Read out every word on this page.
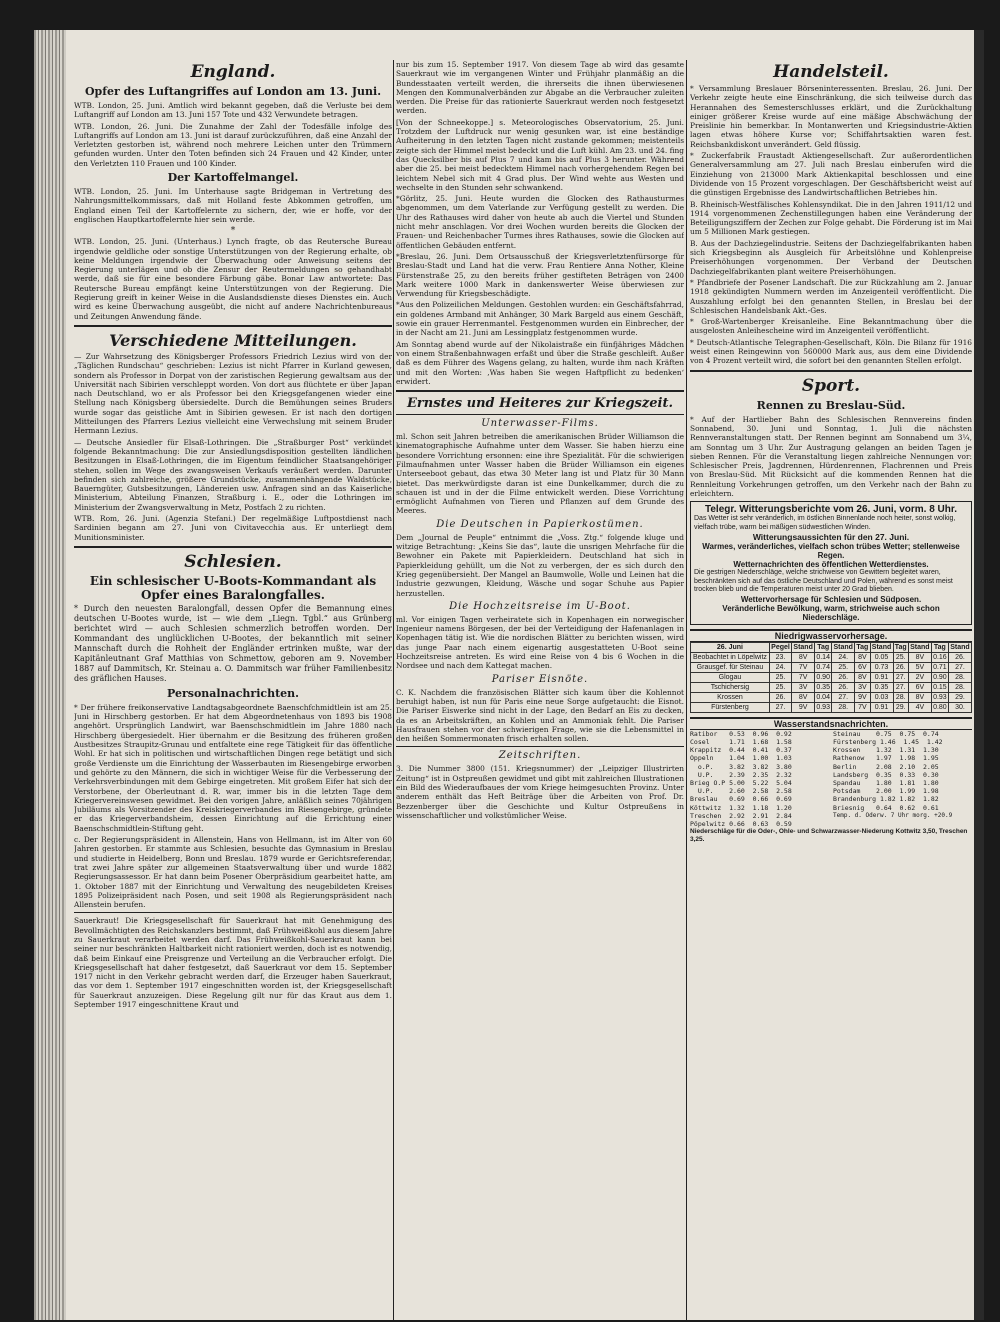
England.
Opfer des Luftangriffes auf London am 13. Juni.

WTB. London, 25. Juni. Amtlich wird bekannt gegeben, daß die Verluste bei dem Luftangriff auf London am 13. Juni 157 Tote und 432 Verwundete betragen.

WTB. London, 26. Juni. Die Zunahme der Zahl der Todesfälle infolge des Luftangriffs auf London am 13. Juni ist darauf zurückzuführen, daß eine Anzahl der Verletzten gestorben ist, während noch mehrere Leichen unter den Trümmern gefunden wurden. Unter den Toten befinden sich 24 Frauen und 42 Kinder, unter den Verletzten 110 Frauen und 100 Kinder.

Der Kartoffelmangel.

WTB. London, 25. Juni. Im Unterhause sagte Bridgeman in Vertretung des Nahrungsmittelkommissars, daß mit Holland feste Abkommen getroffen, um England einen Teil der Kartoffelernte zu sichern, der, wie er hoffe, vor der englischen Hauptkartoffelernte hier sein werde.

*

WTB. London, 25. Juni. (Unterhaus.) Lynch fragte, ob das Reutersche Bureau irgendwie geldliche oder sonstige Unterstützungen von der Regierung erhalte, ob keine Meldungen irgendwie der Überwachung oder Anweisung seitens der Regierung unterlägen und ob die Zensur der Reutermeldungen so gehandhabt werde, daß sie für eine besondere Färbung gäbe. Bonar Law antwortete: Das Reutersche Bureau empfängt keine Unterstützungen von der Regierung. Die Regierung greift in keiner Weise in die Auslandsdienste dieses Dienstes ein. Auch wird es keine Überwachung ausgeübt, die nicht auf andere Nachrichtenbureaus und Zeitungen Anwendung fände.

Verschiedene Mitteilungen.

— Zur Wahrsetzung des Königsberger Professors Friedrich Lezius wird von der „Täglichen Rundschau“ geschrieben: Lezius ist nicht Pfarrer in Kurland gewesen, sondern als Professor in Dorpat von der zaristischen Regierung gewaltsam aus der Universität nach Sibirien verschleppt worden. Von dort aus flüchtete er über Japan nach Deutschland, wo er als Professor bei den Kriegsgefangenen wieder eine Stellung nach Königsberg übersiedelte. Durch die Bemühungen seines Bruders wurde sogar das geistliche Amt in Sibirien gewesen. Er ist nach den dortigen Mitteilungen des Pfarrers Lezius vielleicht eine Verwechslung mit seinem Bruder Hermann Lezius.

— Deutsche Ansiedler für Elsaß-Lothringen. Die „Straßburger Post“ verkündet folgende Bekanntmachung: Die zur Ansiedlungsdisposition gestellten ländlichen Besitzungen in Elsaß-Lothringen, die im Eigentum feindlicher Staatsangehöriger stehen, sollen im Wege des zwangsweisen Verkaufs veräußert werden. Darunter befinden sich zahlreiche, größere Grundstücke, zusammenhängende Waldstücke, Bauerngüter, Gutsbesitzungen, Ländereien usw. Anfragen sind an das Kaiserliche Ministerium, Abteilung Finanzen, Straßburg i. E., oder die Lothringen im Ministerium der Zwangsverwaltung in Metz, Postfach 2 zu richten.

WTB. Rom, 26. Juni. (Agenzia Stefani.) Der regelmäßige Luftpostdienst nach Sardinien begann am 27. Juni von Civitavecchia aus. Er unterliegt dem Munitionsminister.

Schlesien.
Ein schlesischer U-Boots-Kommandant als Opfer eines Baralongfalles.

* Durch den neuesten Baralongfall, dessen Opfer die Bemannung eines deutschen U-Bootes wurde, ist — wie dem „Liegn. Tgbl.“ aus Grünberg berichtet wird — auch Schlesien schmerzlich betroffen worden. Der Kommandant des unglücklichen U-Bootes, der bekanntlich mit seiner Mannschaft durch die Rohheit der Engländer ertrinken mußte, war der Kapitänleutnant Graf Matthias von Schmettow, geboren am 9. November 1887 auf Dammitsch, Kr. Steinau a. O. Dammitsch war früher Familienbesitz des gräflichen Hauses.

Personalnachrichten.

* Der frühere freikonservative Landtagsabgeordnete Baenschfchmidtlein ist am 25. Juni in Hirschberg gestorben. Er hat dem Abgeordnetenhaus von 1893 bis 1908 angehört. Ursprünglich Landwirt, war Baenschschmidtlein im Jahre 1880 nach Hirschberg übergesiedelt. Hier übernahm er die Besitzung des früheren großen Austbesitzes Straupitz-Grunau und entfaltete eine rege Tätigkeit für das öffentliche Wohl. Er hat sich in politischen und wirtschaftlichen Dingen rege betätigt und sich große Verdienste um die Einrichtung der Wasserbauten im Riesengebirge erworben und gehörte zu den Männern, die sich in wichtiger Weise für die Verbesserung der Verkehrsverbindungen mit dem Gebirge eingetreten. Mit großem Eifer hat sich der Verstorbene, der Oberleutnant d. R. war, immer bis in die letzten Tage dem Kriegervereinswesen gewidmet. Bei den vorigen Jahre, anläßlich seines 70jährigen Jubiläums als Vorsitzender des Kreiskriegerverbandes im Riesengebirge, gründete er das Kriegerverbandsheim, dessen Einrichtung auf die Errichtung einer Baenschschmidtlein-Stiftung geht.

c. Der Regierungspräsident in Allenstein, Hans von Hellmann, ist im Alter von 60 Jahren gestorben. Er stammte aus Schlesien, besuchte das Gymnasium in Breslau und studierte in Heidelberg, Bonn und Breslau. 1879 wurde er Gerichtsreferendar, trat zwei Jahre später zur allgemeinen Staatsverwaltung über und wurde 1882 Regierungsassessor. Er hat dann beim Posener Oberpräsidium gearbeitet hatte, am 1. Oktober 1887 mit der Einrichtung und Verwaltung des neugebildeten Kreises 1895 Polizeipräsident nach Posen, und seit 1908 als Regierungspräsident nach Allenstein berufen.

Sauerkraut! Die Kriegsgesellschaft für Sauerkraut hat mit Genehmigung des Bevollmächtigten des Reichskanzlers bestimmt, daß Frühweißkohl aus diesem Jahre zu Sauerkraut verarbeitet werden darf. Das Frühweißkohl-Sauerkraut kann bei seiner nur beschränkten Haltbarkeit nicht rationiert werden, doch ist es notwendig, daß beim Einkauf eine Preisgrenze und Verteilung an die Verbraucher erfolgt. Die Kriegsgesellschaft hat daher festgesetzt, daß Sauerkraut vor dem 15. September 1917 nicht in den Verkehr gebracht werden darf, die Erzeuger haben Sauerkraut, das vor dem 1. September 1917 eingeschnitten worden ist, der Kriegsgesellschaft für Sauerkraut anzuzeigen. Diese Regelung gilt nur für das Kraut aus dem 1. September 1917 eingeschnittene Kraut und

nur bis zum 15. September 1917. Von diesem Tage ab wird das gesamte Sauerkraut wie im vergangenen Winter und Frühjahr planmäßig an die Bundesstaaten verteilt werden, die ihrerseits die ihnen überwiesenen Mengen den Kommunalverbänden zur Abgabe an die Verbraucher zuleiten werden. Die Preise für das rationierte Sauerkraut werden noch festgesetzt werden.

[Von der Schneekoppe.] s. Meteorologisches Observatorium, 25. Juni. Trotzdem der Luftdruck nur wenig gesunken war, ist eine beständige Aufheiterung in den letzten Tagen nicht zustande gekommen; meistenteils zeigte sich der Himmel meist bedeckt und die Luft kühl. Am 23. und 24. fing das Quecksilber bis auf Plus 7 und kam bis auf Plus 3 herunter. Während aber die 25. bei meist bedecktem Himmel nach vorhergehendem Regen bei leichtem Nebel sich mit 4 Grad plus. Der Wind wehte aus Westen und wechselte in den Stunden sehr schwankend.

*Görlitz, 25. Juni. Heute wurden die Glocken des Rathausturmes abgenommen, um dem Vaterlande zur Verfügung gestellt zu werden. Die Uhr des Rathauses wird daher von heute ab auch die Viertel und Stunden nicht mehr anschlagen. Vor drei Wochen wurden bereits die Glocken der Frauen- und Reichenbacher Turmes ihres Rathauses, sowie die Glocken auf öffentlichen Gebäuden entfernt.

*Breslau, 26. Juni. Dem Ortsausschuß der Kriegsverletztenfürsorge für Breslau-Stadt und Land hat die verw. Frau Rentiere Anna Nother, Kleine Fürstenstraße 25, zu den bereits früher gestifteten Beträgen von 2400 Mark weitere 1000 Mark in dankenswerter Weise überwiesen zur Verwendung für Kriegsbeschädigte.

*Aus den Polizeilichen Meldungen. Gestohlen wurden: ein Geschäftsfahrrad, ein goldenes Armband mit Anhänger, 30 Mark Bargeld aus einem Geschäft, sowie ein grauer Herrenmantel. Festgenommen wurden ein Einbrecher, der in der Nacht am 21. Juni am Lessingplatz festgenommen wurde.

Am Sonntag abend wurde auf der Nikolaistraße ein fünfjähriges Mädchen von einem Straßenbahnwagen erfaßt und über die Straße geschleift. Außer daß es dem Führer des Wagens gelang, zu halten, wurde ihm nach Kräften und mit den Worten: ‚Was haben Sie wegen Haftpflicht zu bedenken‘ erwidert.

Ernstes und Heiteres zur Kriegszeit.
Unterwasser-Films.

ml. Schon seit Jahren betreiben die amerikanischen Brüder Williamson die kinematographische Aufnahme unter dem Wasser. Sie haben hierzu eine besondere Vorrichtung ersonnen: eine ihre Spezialität. Für die schwierigen Filmaufnahmen unter Wasser haben die Brüder Williamson ein eigenes Unterseeboot gebaut, das etwa 30 Meter lang ist und Platz für 30 Mann bietet. Das merkwürdigste daran ist eine Dunkelkammer, durch die zu schauen ist und in der die Filme entwickelt werden. Diese Vorrichtung ermöglicht Aufnahmen von Tieren und Pflanzen auf dem Grunde des Meeres.

Die Deutschen in Papierkostümen.

Dem „Journal de Peuple“ entnimmt die „Voss. Ztg.“ folgende kluge und witzige Betrachtung: „Keins Sie das“, laute die unsrigen Mehrfache für die Bewohner ein Pakete mit Papierkleidern. Deutschland hat sich in Papierkleidung gehüllt, um die Not zu verbergen, der es sich durch den Krieg gegenübersieht. Der Mangel an Baumwolle, Wolle und Leinen hat die Industrie gezwungen, Kleidung, Wäsche und sogar Schuhe aus Papier herzustellen.

Die Hochzeitsreise im U-Boot.

ml. Vor einigen Tagen verheiratete sich in Kopenhagen ein norwegischer Ingenieur namens Börgesen, der bei der Verteidigung der Hafenanlagen in Kopenhagen tätig ist. Wie die nordischen Blätter zu berichten wissen, wird das junge Paar nach einem eigenartig ausgestatteten U-Boot seine Hochzeitsreise antreten. Es wird eine Reise von 4 bis 6 Wochen in die Nordsee und nach dem Kattegat machen.

Pariser Eisnöte.

C. K. Nachdem die französischen Blätter sich kaum über die Kohlennot beruhigt haben, ist nun für Paris eine neue Sorge aufgetaucht: die Eisnot. Die Pariser Eiswerke sind nicht in der Lage, den Bedarf an Eis zu decken, da es an Arbeitskräften, an Kohlen und an Ammoniak fehlt. Die Pariser Hausfrauen stehen vor der schwierigen Frage, wie sie die Lebensmittel in den heißen Sommermonaten frisch erhalten sollen.

Zeitschriften.

3. Die Nummer 3800 (151. Kriegsnummer) der „Leipziger Illustrirten Zeitung“ ist in Ostpreußen gewidmet und gibt mit zahlreichen Illustrationen ein Bild des Wiederaufbaues der vom Kriege heimgesuchten Provinz. Unter anderem enthält das Heft Beiträge über die Arbeiten von Prof. Dr. Bezzenberger über die Geschichte und Kultur Ostpreußens in wissenschaftlicher und volkstümlicher Weise.

Handelsteil.

* Versammlung Breslauer Börseninteressenten. Breslau, 26. Juni. Der Verkehr zeigte heute eine Einschränkung, die sich teilweise durch das Herannahen des Semesterschlusses erklärt, und die Zurückhaltung einiger größerer Kreise wurde auf eine mäßige Abschwächung der Preislinie hin bemerkbar. In Montanwerten und Kriegsindustrie-Aktien lagen etwas höhere Kurse vor; Schiffahrtsaktien waren fest. Reichsbankdiskont unverändert. Geld flüssig.

* Zuckerfabrik Fraustadt Aktiengesellschaft. Zur außerordentlichen Generalversammlung am 27. Juli nach Breslau einberufen wird die Einziehung von 213000 Mark Aktienkapital beschlossen und eine Dividende von 15 Prozent vorgeschlagen. Der Geschäftsbericht weist auf die günstigen Ergebnisse des Landwirtschaftlichen Betriebes hin.

B. Rheinisch-Westfälisches Kohlensyndikat. Die in den Jahren 1911/12 und 1914 vorgenommenen Zechenstillegungen haben eine Veränderung der Beteiligungsziffern der Zechen zur Folge gehabt. Die Förderung ist im Mai um 5 Millionen Mark gestiegen.

B. Aus der Dachziegelindustrie. Seitens der Dachziegelfabrikanten haben sich Kriegsbeginn als Ausgleich für Arbeitslöhne und Kohlenpreise Preiserhöhungen vorgenommen. Der Verband der Deutschen Dachziegelfabrikanten plant weitere Preiserhöhungen.

* Pfandbriefe der Posener Landschaft. Die zur Rückzahlung am 2. Januar 1918 gekündigten Nummern werden im Anzeigenteil veröffentlicht. Die Auszahlung erfolgt bei den genannten Stellen, in Breslau bei der Schlesischen Handelsbank Akt.-Ges.

* Groß-Wartenberger Kreisanleihe. Eine Bekanntmachung über die ausgelosten Anleihescheine wird im Anzeigenteil veröffentlicht.

* Deutsch-Atlantische Telegraphen-Gesellschaft, Köln. Die Bilanz für 1916 weist einen Reingewinn von 560000 Mark aus, aus dem eine Dividende von 4 Prozent verteilt wird, die sofort bei den genannten Stellen erfolgt.

Sport.
Rennen zu Breslau-Süd.

* Auf der Hartlieber Bahn des Schlesischen Rennvereins finden Sonnabend, 30. Juni und Sonntag, 1. Juli die nächsten Rennveranstaltungen statt. Der Rennen beginnt am Sonnabend um 3¼, am Sonntag um 3 Uhr. Zur Austragung gelangen an beiden Tagen je sieben Rennen. Für die Veranstaltung liegen zahlreiche Nennungen vor: Schlesischer Preis, Jagdrennen, Hürdenrennen, Flachrennen und Preis von Breslau-Süd. Mit Rücksicht auf die kommenden Rennen hat die Rennleitung Vorkehrungen getroffen, um den Verkehr nach der Bahn zu erleichtern.

Telegr. Witterungsberichte vom 26. Juni, vorm. 8 Uhr.
Das Wetter ist sehr veränderlich, im östlichen Binnenlande noch heiter, sonst wolkig, vielfach trübe, warm bei mäßigen südwestlichen Winden.
Witterungsaussichten für den 27. Juni.
Warmes, veränderliches, vielfach schon trübes Wetter; stellenweise Regen.
Wetternachrichten des öffentlichen Wetterdienstes.
Die gestrigen Niederschläge, welche strichweise von Gewittern begleitet waren, beschränkten sich auf das östliche Deutschland und Polen, während es sonst meist trocken blieb und die Temperaturen meist unter 20 Grad blieben.
Wettervorhersage für Schlesien und Südposen.
Veränderliche Bewölkung, warm, strichweise auch schon Niederschläge.
Niedrigwasservorhersage.
26. Juni	Pegel	Stand	Tag	Stand	Tag	Stand	Tag	Stand	Tag	Stand
Beobachtet in Löpelwitz	23.	8V	0.14	24.	8V	0.05	25.	8V	0.16	26.
Grausgef. für Steinau	24.	7V	0.74	25.	6V	0.73	26.	5V	0.71	27.
Glogau	25.	7V	0.90	26.	8V	0.91	27.	2V	0.90	28.
Tschichersig	25.	3V	0.35	26.	3V	0.35	27.	6V	0.15	28.
Krossen	26.	8V	0.04	27.	9V	0.03	28.	8V	0.93	29.
Fürstenberg	27.	9V	0.93	28.	7V	0.91	29.	4V	0.80	30.
Wasserstandsnachrichten.
Ratibor   0.53  0.96  0.92
Cosel     1.71  1.68  1.58
Krappitz  0.44  0.41  0.37
Oppeln    1.04  1.00  1.03
o.P.    3.82  3.82  3.80
U.P.    2.39  2.35  2.32
Brieg O.P 5.00  5.22  5.04
U.P.    2.60  2.58  2.58
Breslau   0.69  0.66  0.69
Köttwitz  1.32  1.18  1.20
Treschen  2.92  2.91  2.84
Pöpelwitz 0.66  0.63  0.59
Steinau    0.75  0.75  0.74
Fürstenberg 1.46  1.45  1.42
Krossen    1.32  1.31  1.30
Rathenow   1.97  1.98  1.95
Berlin     2.08  2.10  2.05
Landsberg  0.35  0.33  0.30
Spandau    1.80  1.81  1.80
Potsdam    2.00  1.99  1.98
Brandenburg 1.82 1.82  1.82
Briesnig   0.64  0.62  0.61
Temp. d. Oderw. 7 Uhr morg. +20.9
Niederschläge für die Oder-, Ohle- und Schwarzwasser-Niederung Kottwitz 3,50, Treschen 3,25.
